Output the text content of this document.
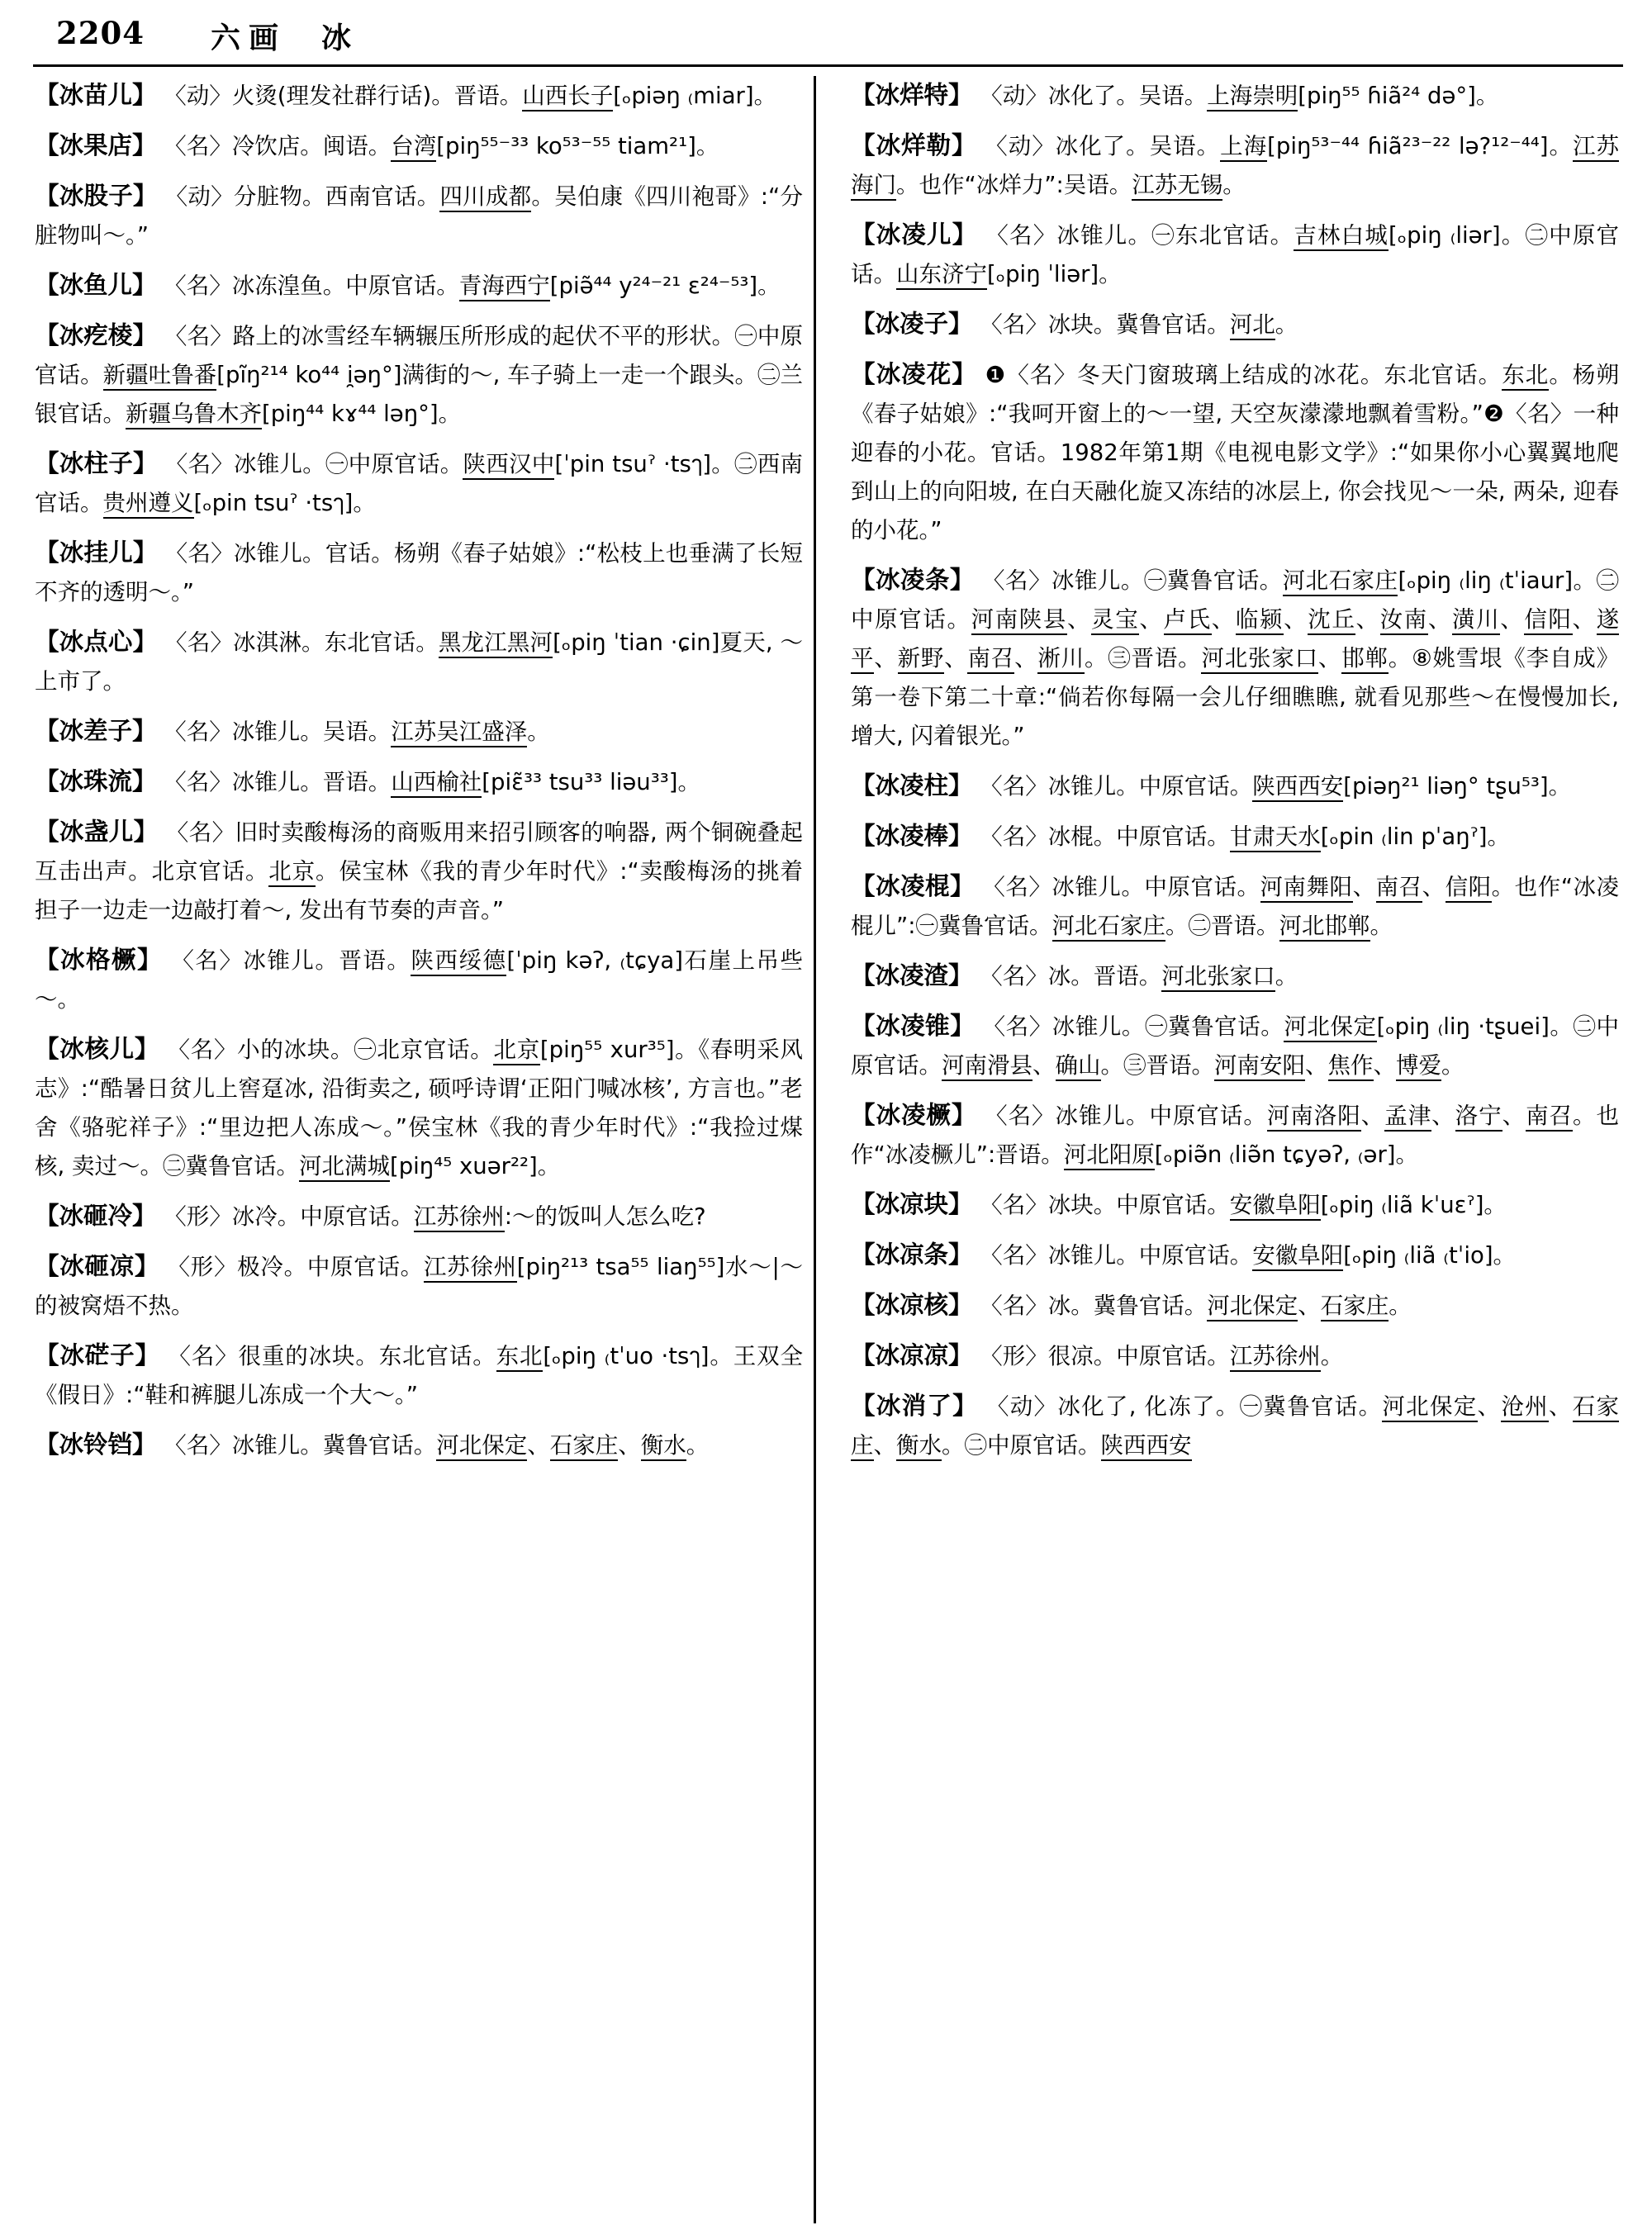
2204 六画 冰
【冰苗儿】 〈动〉火烫(理发社群行话)。晋语。山西长子[ₒpiəŋ ₍miar]。
【冰果店】 〈名〉冷饮店。闽语。台湾[piŋ⁵⁵⁻³³ ko⁵³⁻⁵⁵ tiam²¹]。
【冰股子】 〈动〉分脏物。西南官话。四川成都。吴伯康《四川袍哥》:“分脏物叫～。”
【冰鱼儿】 〈名〉冰冻湟鱼。中原官话。青海西宁[piə̃⁴⁴ y²⁴⁻²¹ ɛ²⁴⁻⁵³]。
【冰疙棱】 〈名〉路上的冰雪经车辆辗压所形成的起伏不平的形状。㊀中原官话。新疆吐鲁番[pĩŋ²¹⁴ ko⁴⁴ i̯əŋ°]满街的～, 车子骑上一走一个跟头。㊁兰银官话。新疆乌鲁木齐[piŋ⁴⁴ kɤ⁴⁴ ləŋ°]。
【冰柱子】 〈名〉冰锥儿。㊀中原官话。陕西汉中[ˈpin tsuˀ ·tsๅ]。㊁西南官话。贵州遵义[ₒpin tsuˀ ·tsๅ]。
【冰挂儿】 〈名〉冰锥儿。官话。杨朔《春子姑娘》:“松枝上也垂满了长短不齐的透明～。”
【冰点心】 〈名〉冰淇淋。东北官话。黑龙江黑河[ₒpiŋ ˈtian ·ɕin]夏天, ～上市了。
【冰差子】 〈名〉冰锥儿。吴语。江苏吴江盛泽。
【冰珠流】 〈名〉冰锥儿。晋语。山西榆社[piɛ̃³³ tsu³³ liəu³³]。
【冰盏儿】 〈名〉旧时卖酸梅汤的商贩用来招引顾客的响器, 两个铜碗叠起互击出声。北京官话。北京。侯宝林《我的青少年时代》:“卖酸梅汤的挑着担子一边走一边敲打着～, 发出有节奏的声音。”
【冰格橛】 〈名〉冰锥儿。晋语。陕西绥德[ˈpiŋ kəʔ, ₍tɕya]石崖上吊些～。
【冰核儿】 〈名〉小的冰块。㊀北京官话。北京[piŋ⁵⁵ xur³⁵]。《春明采风志》:“酷暑日贫儿上窖趸冰, 沿街卖之, 硕呼诗谓‘正阳门喊冰核’, 方言也。”老舍《骆驼祥子》:“里边把人冻成～。”侯宝林《我的青少年时代》:“我捡过煤核, 卖过～。㊁冀鲁官话。河北满城[piŋ⁴⁵ xuər²²]。
【冰砸冷】 〈形〉冰冷。中原官话。江苏徐州:～的饭叫人怎么吃?
【冰砸凉】 〈形〉极冷。中原官话。江苏徐州[piŋ²¹³ tsa⁵⁵ liaŋ⁵⁵]水～|～的被窝焐不热。
【冰硭子】 〈名〉很重的冰块。东北官话。东北[ₒpiŋ ₍tˈuo ·tsๅ]。王双全《假日》:“鞋和裤腿儿冻成一个大～。”
【冰铃铛】 〈名〉冰锥儿。冀鲁官话。河北保定、石家庄、衡水。
【冰烊特】 〈动〉冰化了。吴语。上海崇明[piŋ⁵⁵ ɦiã²⁴ də°]。
【冰烊勒】 〈动〉冰化了。吴语。上海[piŋ⁵³⁻⁴⁴ ɦiã²³⁻²² lə?¹²⁻⁴⁴]。江苏海门。也作“冰烊力”:吴语。江苏无锡。
【冰凌儿】 〈名〉冰锥儿。㊀东北官话。吉林白城[ₒpiŋ ₍liər]。㊁中原官话。山东济宁[ₒpiŋ ˈliər]。
【冰凌子】 〈名〉冰块。冀鲁官话。河北。
【冰凌花】 ❶〈名〉冬天门窗玻璃上结成的冰花。东北官话。东北。杨朔《春子姑娘》:“我呵开窗上的～一望, 天空灰濛濛地飘着雪粉。”❷〈名〉一种迎春的小花。官话。1982年第1期《电视电影文学》:“如果你小心翼翼地爬到山上的向阳坡, 在白天融化旋又冻结的冰层上, 你会找见～一朵, 两朵, 迎春的小花。”
【冰凌条】 〈名〉冰锥儿。㊀冀鲁官话。河北石家庄[ₒpiŋ ₍liŋ ₍tˈiaur]。㊁中原官话。河南陕县、灵宝、卢氏、临颍、沈丘、汝南、潢川、信阳、遂平、新野、南召、淅川。㊂晋语。河北张家口、邯郸。⑧姚雪垠《李自成》第一卷下第二十章:“倘若你每隔一会儿仔细瞧瞧, 就看见那些～在慢慢加长, 增大, 闪着银光。”
【冰凌柱】 〈名〉冰锥儿。中原官话。陕西西安[piəŋ²¹ liəŋ° tʂu⁵³]。
【冰凌棒】 〈名〉冰棍。中原官话。甘肃天水[ₒpin ₍lin pˈaŋˀ]。
【冰凌棍】 〈名〉冰锥儿。中原官话。河南舞阳、南召、信阳。也作“冰凌棍儿”:㊀冀鲁官话。河北石家庄。㊁晋语。河北邯郸。
【冰凌渣】 〈名〉冰。晋语。河北张家口。
【冰凌锥】 〈名〉冰锥儿。㊀冀鲁官话。河北保定[ₒpiŋ ₍liŋ ·tʂuei]。㊁中原官话。河南滑县、确山。㊂晋语。河南安阳、焦作、博爱。
【冰凌橛】 〈名〉冰锥儿。中原官话。河南洛阳、孟津、洛宁、南召。也作“冰凌橛儿”:晋语。河北阳原[ₒpiə̃n ₍liə̃n tɕyəʔ, ₍ər]。
【冰凉块】 〈名〉冰块。中原官话。安徽阜阳[ₒpiŋ ₍liã kˈuɛˀ]。
【冰凉条】 〈名〉冰锥儿。中原官话。安徽阜阳[ₒpiŋ ₍liã ₍tˈio]。
【冰凉核】 〈名〉冰。冀鲁官话。河北保定、石家庄。
【冰凉凉】 〈形〉很凉。中原官话。江苏徐州。
【冰消了】 〈动〉冰化了, 化冻了。㊀冀鲁官话。河北保定、沧州、石家庄、衡水。㊁中原官话。陕西西安
